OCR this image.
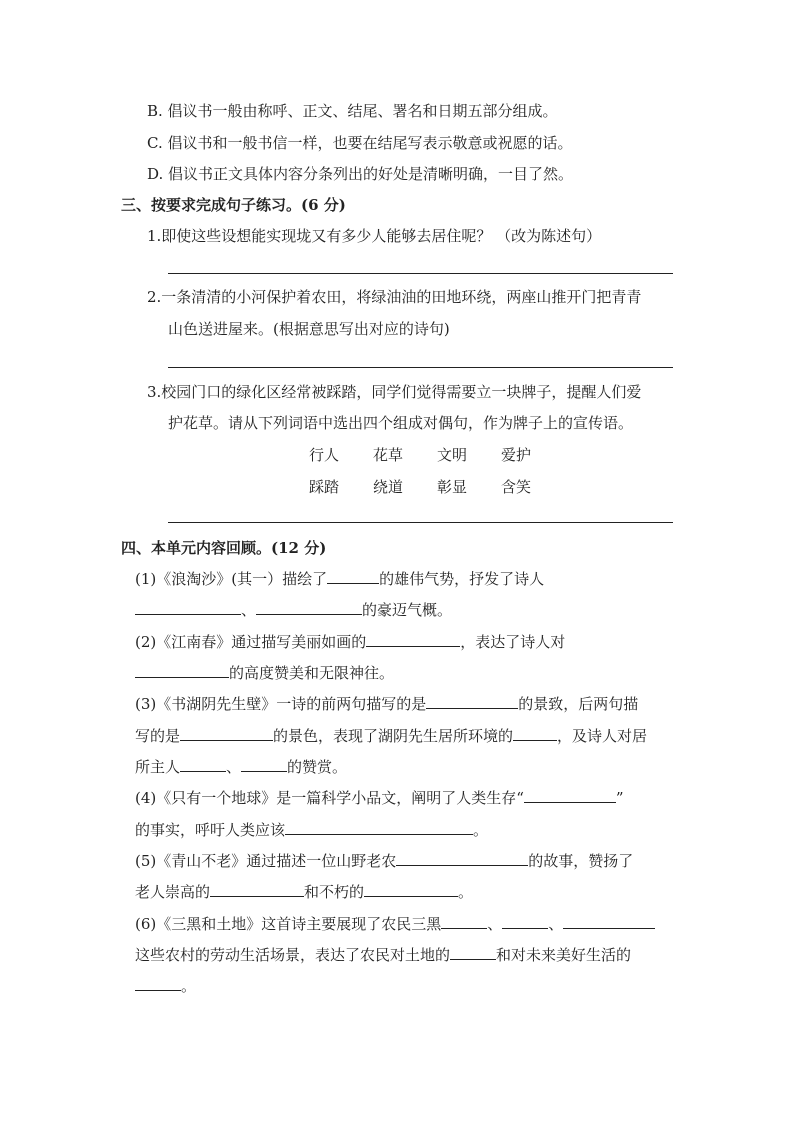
B. 倡议书一般由称呼、正文、结尾、署名和日期五部分组成。
C. 倡议书和一般书信一样，也要在结尾写表示敬意或祝愿的话。
D. 倡议书正文具体内容分条列出的好处是清晰明确，一目了然。
三、按要求完成句子练习。(6 分)
1.即使这些设想能实现垅又有多少人能够去居住呢？ （改为陈述句）
2.一条清清的小河保护着农田，将绿油油的田地环绕，两座山推开门把青青
山色送进屋来。(根据意思写出对应的诗句)
3.校园门口的绿化区经常被踩踏，同学们觉得需要立一块牌子，提醒人们爱
护花草。请从下列词语中选出四个组成对偶句，作为牌子上的宣传语。
行人 花草 文明 爱护
踩踏 绕道 彰显 含笑
四、本单元内容回顾。(12 分)
(1)《浪淘沙》(其一）描绘了	的雄伟气势，抒发了诗人
、	的豪迈气概。
(2)《江南春》通过描写美丽如画的	，表达了诗人对
的高度赞美和无限神往。
(3)《书湖阴先生壁》一诗的前两句描写的是	的景致，后两句描
写的是	的景色，表现了湖阴先生居所环境的	，及诗人对居
所主人	、	的赞赏。
(4)《只有一个地球》是一篇科学小品文，阐明了人类生存“	”
的事实，呼吁人类应该	。
(5)《青山不老》通过描述一位山野老农	的故事，赞扬了
老人崇高的	和不朽的	。
(6)《三黑和土地》这首诗主要展现了农民三黑	、	、
这些农村的劳动生活场景，表达了农民对土地的	和对未来美好生活的
。
